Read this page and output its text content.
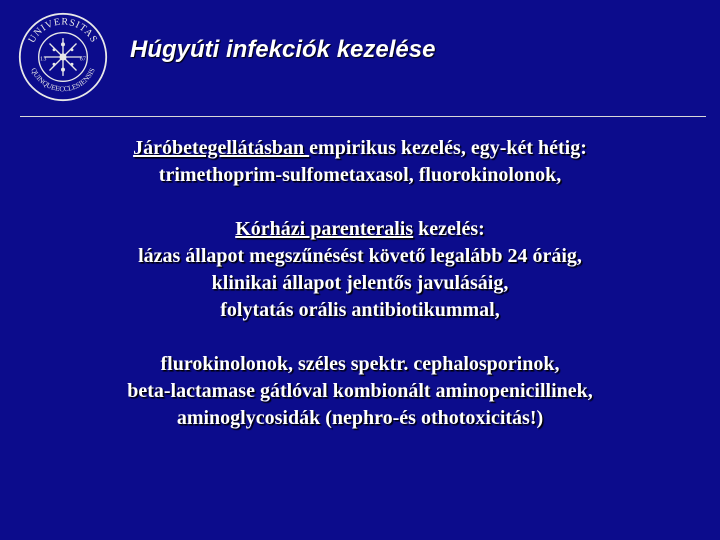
UNIVERSITAS
QUINQUEECCLESIENSIS
13	67 Húgyúti infekciók kezelése
Járóbetegellátásban empirikus kezelés, egy-két hétig:
trimethoprim-sulfometaxasol, fluorokinolonok,
Kórházi parenteralis kezelés:
lázas állapot megszűnésést követő legalább 24 óráig,
klinikai állapot jelentős javulásáig,
folytatás orális antibiotikummal,
flurokinolonok, széles spektr. cephalosporinok,
beta-lactamase gátlóval kombionált aminopenicillinek,
aminoglycosidák (nephro-és othotoxicitás!)
